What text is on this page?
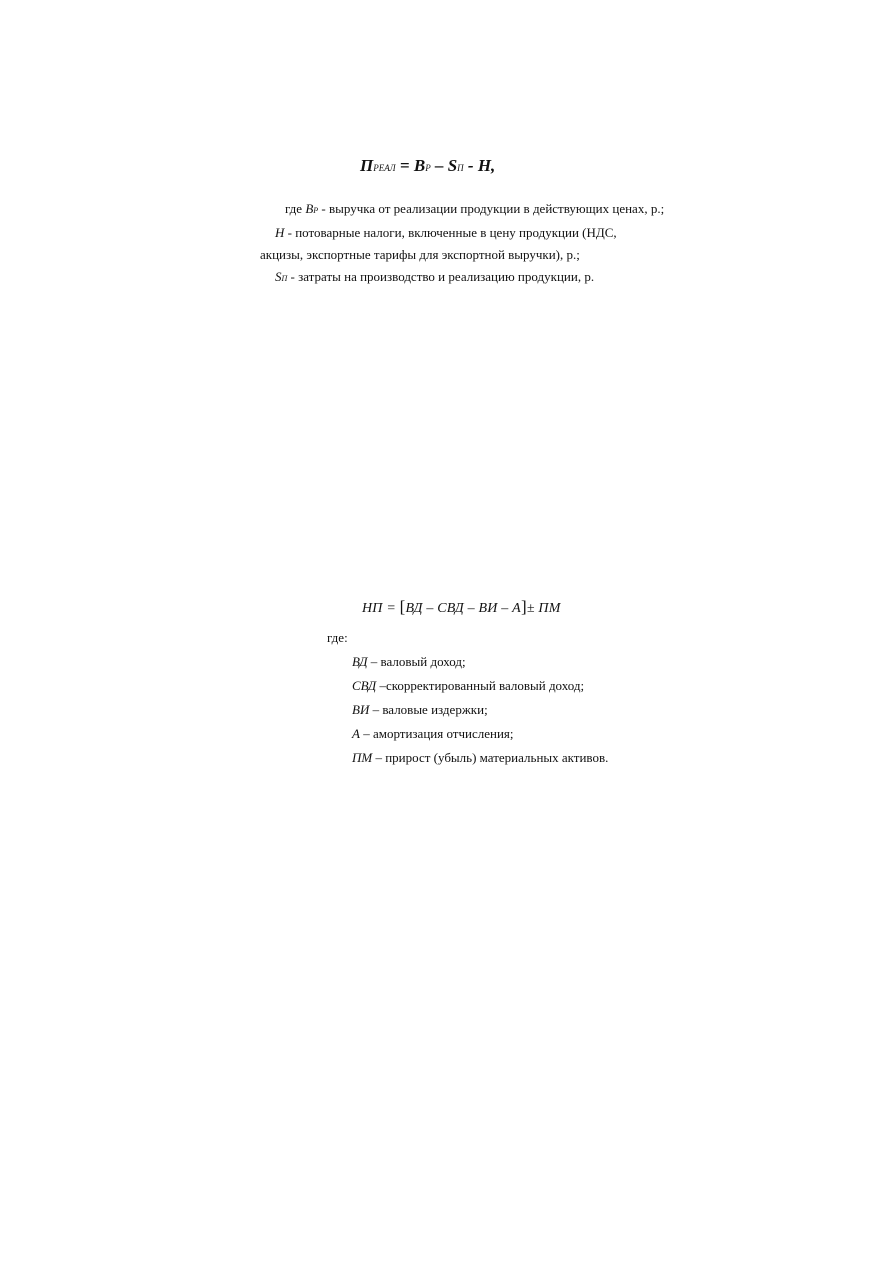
ПРЕАЛ = ВР – SП - Н,
где BР - выручка от реализации продукции в действующих ценах, р.;
Н - потоварные налоги, включенные в цену продукции (НДС,
акцизы, экспортные тарифы для экспортной выручки), р.;
SП - затраты на производство и реализацию продукции, р.
НП = [ВД – СВД – ВИ – А]± ПМ
где:
ВД – валовый доход;
СВД –скорректированный валовый доход;
ВИ – валовые издержки;
А – амортизация отчисления;
ПМ – прирост (убыль) материальных активов.
